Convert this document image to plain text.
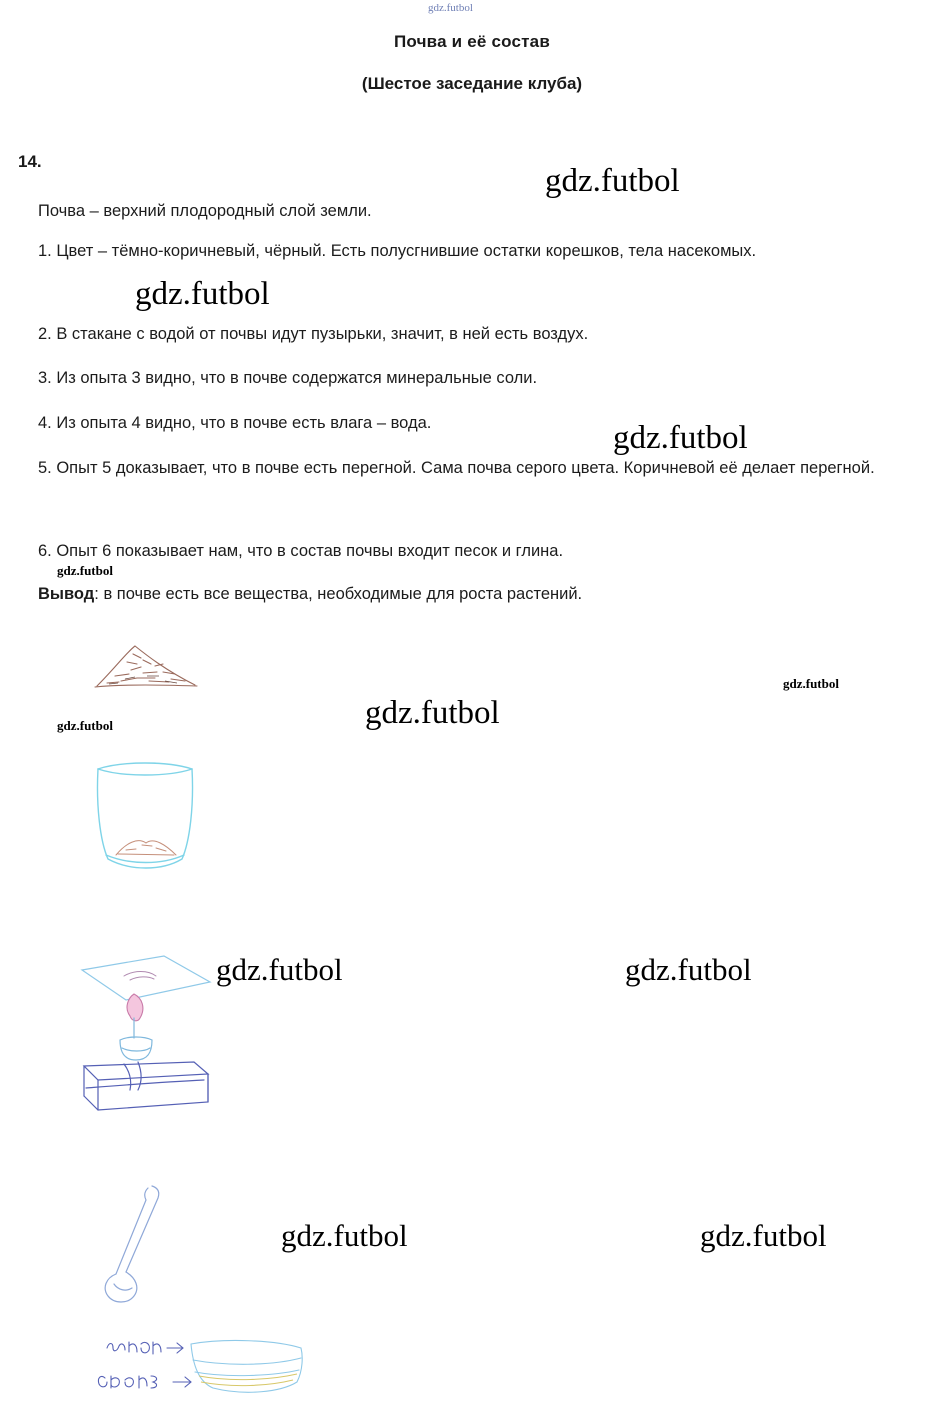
gdz.futbol
Почва и её состав
(Шестое заседание клуба)
14.
Почва – верхний плодородный слой земли.
1. Цвет – тёмно-коричневый, чёрный. Есть полусгнившие остатки корешков, тела насекомых.
2. В стакане с водой от почвы идут пузырьки, значит, в ней есть воздух.
3. Из опыта 3 видно, что в почве содержатся минеральные соли.
4. Из опыта 4 видно, что в почве есть влага – вода.
5. Опыт 5 доказывает, что в почве есть перегной. Сама почва серого цвета. Коричневой её делает перегной.
6. Опыт 6 показывает нам, что в состав почвы входит песок и глина.
Вывод: в почве есть все вещества, необходимые для роста растений.
gdz.futbol
gdz.futbol
gdz.futbol
gdz.futbol
gdz.futbol
gdz.futbol
gdz.futbol
gdz.futbol	gdz.futbol
gdz.futbol	gdz.futbol
